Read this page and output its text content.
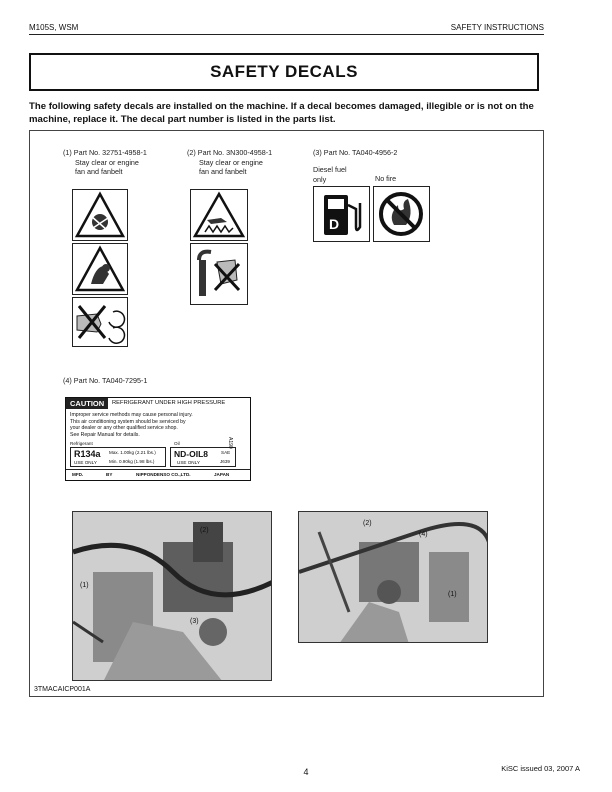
M105S, WSM	SAFETY INSTRUCTIONS
SAFETY DECALS
The following safety decals are installed on the machine. If a decal becomes damaged, illegible or is not on the machine, replace it. The decal part number is listed in the parts list.
(1) Part No. 32751-4958-1
Stay clear or engine
fan and fanbelt
(2) Part No. 3N300-4958-1
Stay clear or engine
fan and fanbelt
(3) Part No. TA040-4956-2
Diesel fuel
only	No fire
D
(4) Part No. TA040-7295-1
CAUTION	REFRIGERANT UNDER HIGH PRESSURE
Improper service methods may cause personal injury.
This air conditioning system should be serviced by
your dealer or any other qualified service shop.
See Repair Manual for details.
Refrigerant
R134a Max. 1.00kg (2.21 lbs.)
USE ONLY	Min. 0.90kg (1.98 lbs.)
Oil
ND-OIL8	SAE
USE ONLY	J639
MFD.	BY	NIPPONDENSO CO.,LTD.	JAPAN
A190
(2)
(1)
(3)
(2)
(4)
(1)
3TMACAICP001A
4	KiSC issued 03, 2007 A
